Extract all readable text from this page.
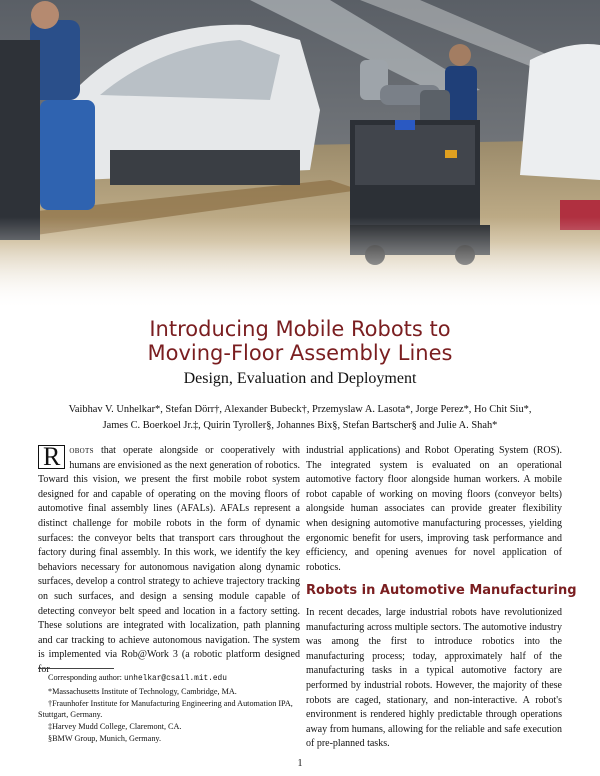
Introducing Mobile Robots to
Moving-Floor Assembly Lines
Design, Evaluation and Deployment
Vaibhav V. Unhelkar*, Stefan Dörr†, Alexander Bubeck†, Przemyslaw A. Lasota*, Jorge Perez*, Ho Chit Siu*,
James C. Boerkoel Jr.‡, Quirin Tyroller§, Johannes Bix§, Stefan Bartscher§ and Julie A. Shah*
R obots that operate alongside or cooperatively with humans are envisioned as the next generation of robotics. Toward this vision, we present the first mobile robot system designed for and capable of operating on the moving floors of automotive final assembly lines (AFALs). AFALs represent a distinct challenge for mobile robots in the form of dynamic surfaces: the conveyor belts that transport cars throughout the factory during final assembly. In this work, we identify the key behaviors necessary for autonomous navigation along dynamic surfaces, develop a control strategy to achieve trajectory tracking on such surfaces, and design a sensing module capable of detecting conveyor belt speed and location in a factory setting. These solutions are integrated with localization, path planning and car tracking to achieve autonomous navigation. The system is implemented via Rob@Work 3 (a robotic platform designed for
industrial applications) and Robot Operating System (ROS). The integrated system is evaluated on an operational automotive factory floor alongside human workers. A mobile robot capable of working on moving floors (conveyor belts) alongside human associates can provide greater flexibility when designing automotive manufacturing processes, yielding ergonomic benefit for users, improving task performance and efficiency, and opening avenues for novel application of robotics.
Robots in Automotive Manufacturing
In recent decades, large industrial robots have revolutionized manufacturing across multiple sectors. The automotive industry was among the first to introduce robotics into the manufacturing process; today, approximately half of the manufacturing tasks in a typical automotive factory are performed by industrial robots. However, the majority of these robots are caged, stationary, and non-interactive. A robot's environment is rendered highly predictable through operations away from humans, allowing for the reliable and safe execution of pre-planned tasks.
Corresponding author: unhelkar@csail.mit.edu
*Massachusetts Institute of Technology, Cambridge, MA.
†Fraunhofer Institute for Manufacturing Engineering and Automation IPA, Stuttgart, Germany.
‡Harvey Mudd College, Claremont, CA.
§BMW Group, Munich, Germany.
1
